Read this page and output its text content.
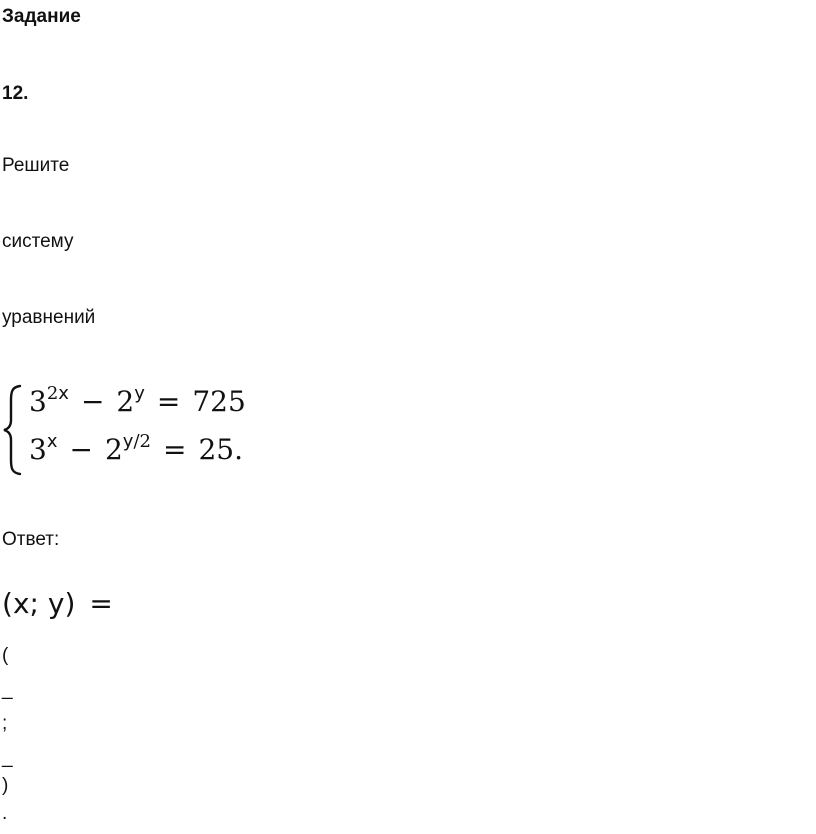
Задание
12.
Решите
систему
уравнений
$3^{2x} - 2^y = 725$
$3^x - 2^{y/2} = 25$.
Ответ:
(x; y) =
(
_
;
_
)
.
